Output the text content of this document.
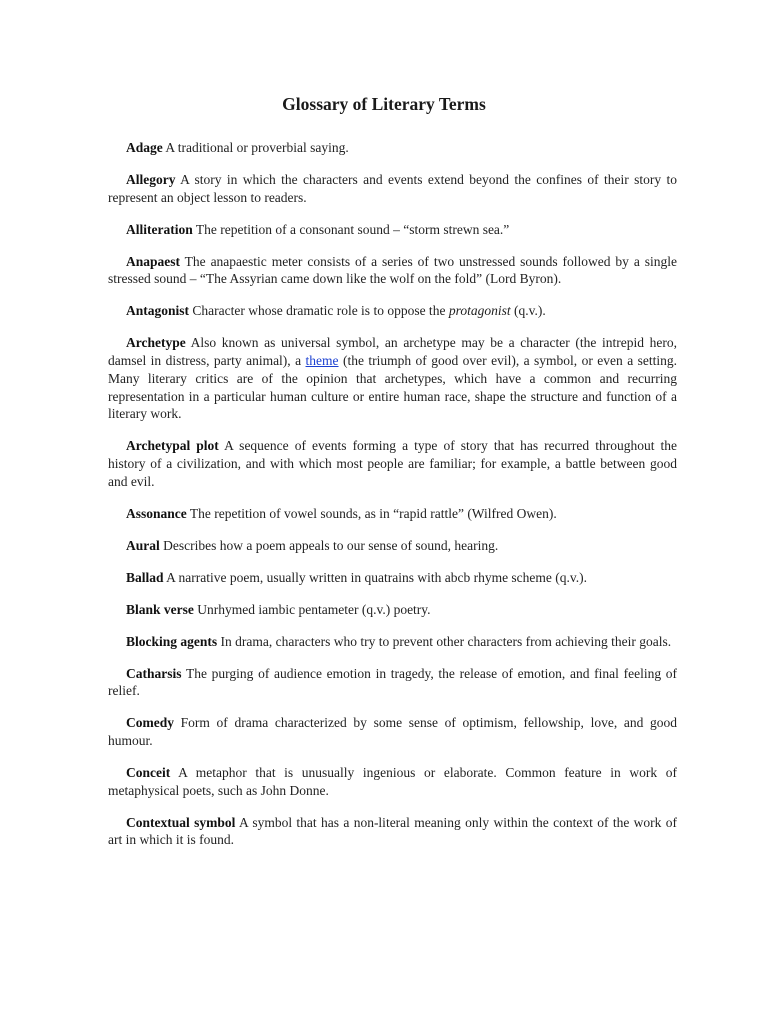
Glossary of Literary Terms

Adage A traditional or proverbial saying.

Allegory A story in which the characters and events extend beyond the confines of their story to represent an object lesson to readers.

Alliteration The repetition of a consonant sound – “storm strewn sea.”

Anapaest The anapaestic meter consists of a series of two unstressed sounds followed by a single stressed sound – “The Assyrian came down like the wolf on the fold” (Lord Byron).

Antagonist Character whose dramatic role is to oppose the protagonist (q.v.).

Archetype Also known as universal symbol, an archetype may be a character (the intrepid hero, damsel in distress, party animal), a theme (the triumph of good over evil), a symbol, or even a setting. Many literary critics are of the opinion that archetypes, which have a common and recurring representation in a particular human culture or entire human race, shape the structure and function of a literary work.

Archetypal plot A sequence of events forming a type of story that has recurred throughout the history of a civilization, and with which most people are familiar; for example, a battle between good and evil.

Assonance The repetition of vowel sounds, as in “rapid rattle” (Wilfred Owen).

Aural Describes how a poem appeals to our sense of sound, hearing.

Ballad A narrative poem, usually written in quatrains with abcb rhyme scheme (q.v.).

Blank verse Unrhymed iambic pentameter (q.v.) poetry.

Blocking agents In drama, characters who try to prevent other characters from achieving their goals.

Catharsis The purging of audience emotion in tragedy, the release of emotion, and final feeling of relief.

Comedy Form of drama characterized by some sense of optimism, fellowship, love, and good humour.

Conceit A metaphor that is unusually ingenious or elaborate. Common feature in work of metaphysical poets, such as John Donne.

Contextual symbol A symbol that has a non-literal meaning only within the context of the work of art in which it is found.
